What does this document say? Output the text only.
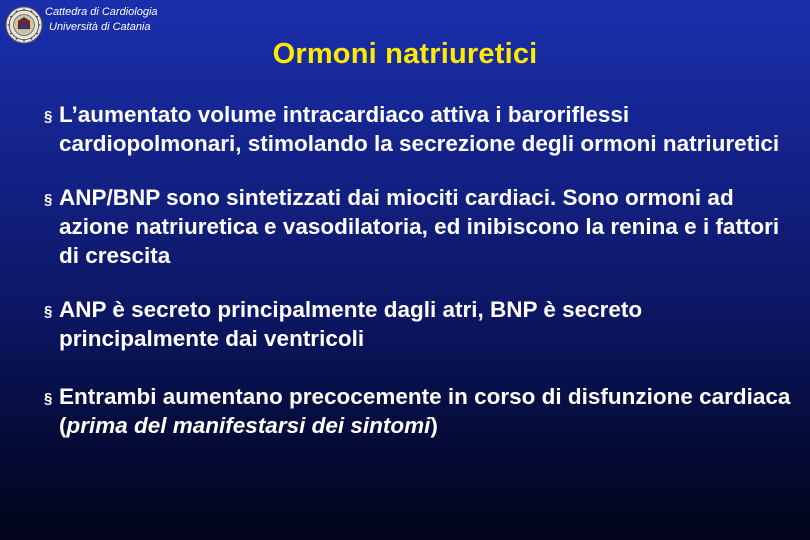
Cattedra di Cardiologia
Università di Catania
Ormoni natriuretici
§ L’aumentato volume intracardiaco attiva i baroriflessi cardiopolmonari, stimolando la secrezione degli ormoni natriuretici
§ ANP/BNP sono sintetizzati dai miociti cardiaci. Sono ormoni ad azione natriuretica e vasodilatoria, ed inibiscono la renina e i fattori di crescita
§ ANP è secreto principalmente dagli atri, BNP è secreto principalmente dai ventricoli
§ Entrambi aumentano precocemente in corso di disfunzione cardiaca (prima del manifestarsi dei sintomi)
